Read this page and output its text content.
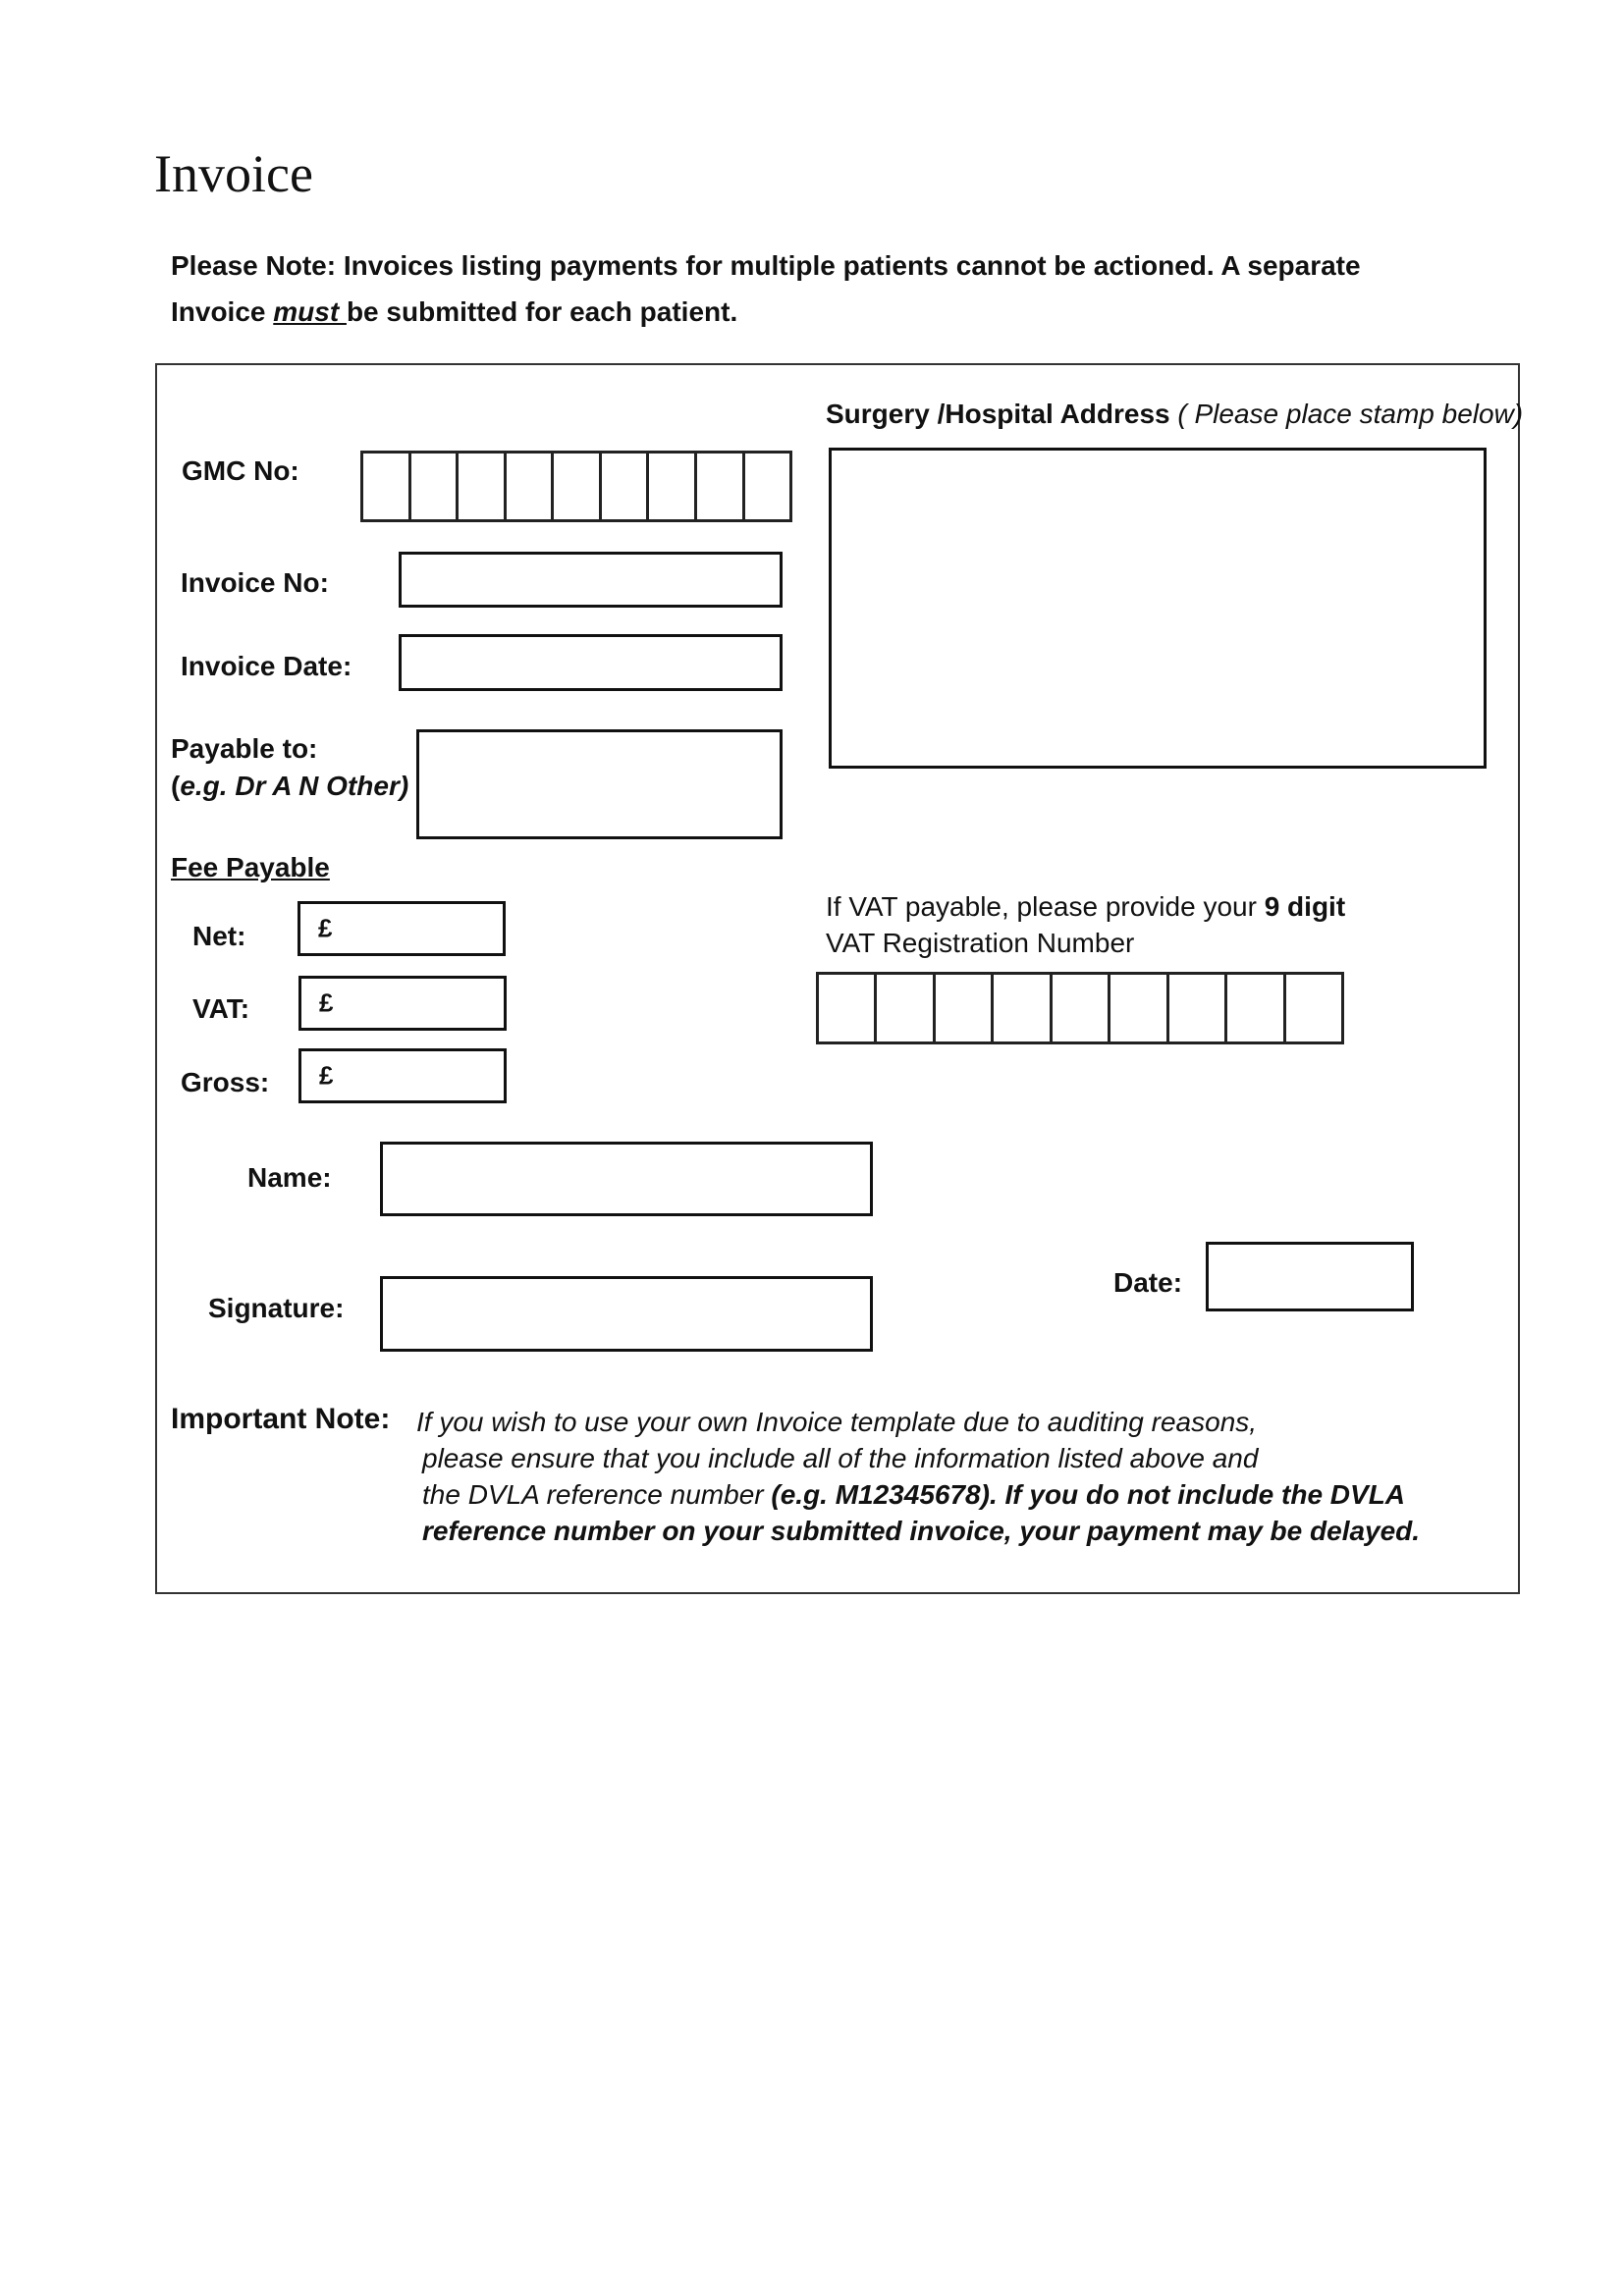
Invoice
Please Note: Invoices listing payments for multiple patients cannot be actioned. A separate
Invoice must be submitted for each patient.
GMC No:
Surgery /Hospital Address ( Please place stamp below)
Invoice No:
Invoice Date:
Payable to:
(e.g. Dr A N Other)
Fee Payable
Net:	£
VAT:	£
Gross: £
If VAT payable, please provide your 9 digit
VAT Registration Number
Name:
Signature:
Date:
Important Note: If you wish to use your own Invoice template due to auditing reasons,
please ensure that you include all of the information listed above and
the DVLA reference number (e.g. M12345678). If you do not include the DVLA
reference number on your submitted invoice, your payment may be delayed.
